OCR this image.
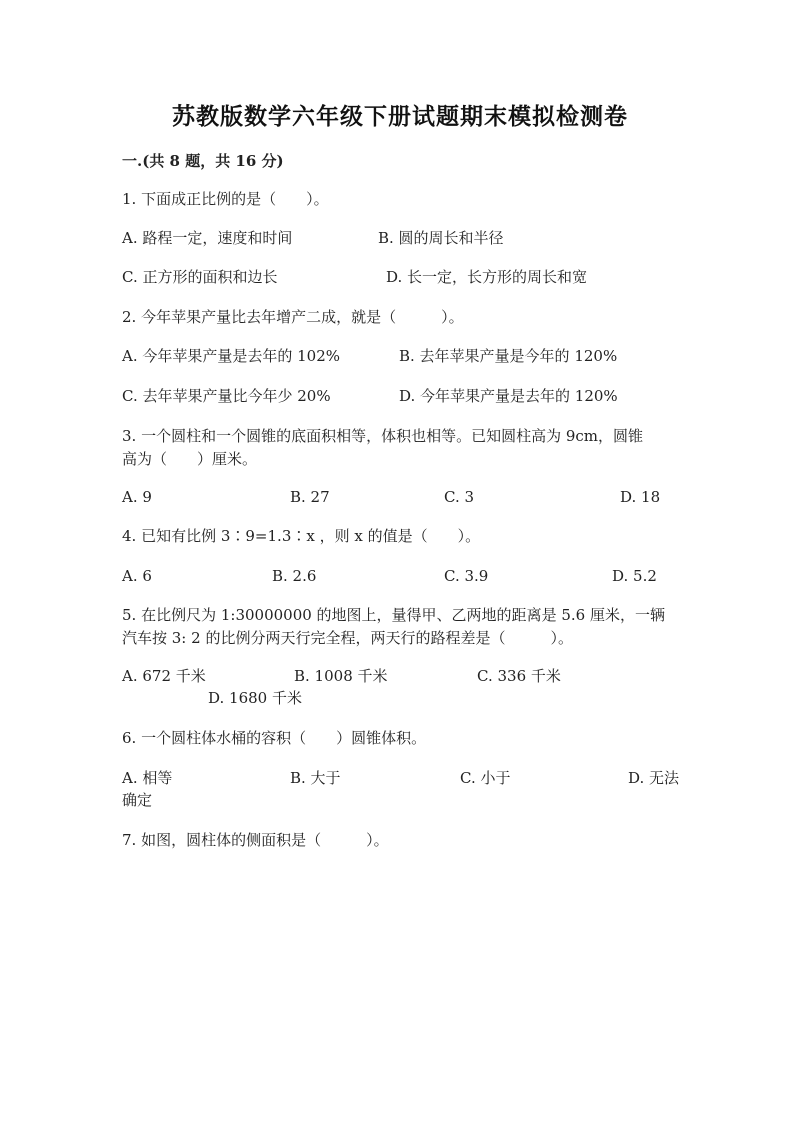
苏教版数学六年级下册试题期末模拟检测卷
一.(共 8 题，共 16 分)
1. 下面成正比例的是（　　）。
A. 路程一定，速度和时间	B. 圆的周长和半径
C. 正方形的面积和边长	D. 长一定，长方形的周长和宽
2. 今年苹果产量比去年增产二成，就是（　　　）。
A. 今年苹果产量是去年的 102%	B. 去年苹果产量是今年的 120%
C. 去年苹果产量比今年少 20%	D. 今年苹果产量是去年的 120%
3. 一个圆柱和一个圆锥的底面积相等，体积也相等。已知圆柱高为 9cm，圆锥
高为（　　）厘米。
A. 9	B. 27	C. 3	D. 18
4. 已知有比例 3∶9=1.3∶x ，则 x 的值是（　　）。
A. 6	B. 2.6	C. 3.9	D. 5.2
5. 在比例尺为 1:30000000 的地图上，量得甲、乙两地的距离是 5.6 厘米，一辆
汽车按 3: 2 的比例分两天行完全程，两天行的路程差是（　　　）。
A. 672 千米	B. 1008 千米	C. 336 千米
D. 1680 千米
6. 一个圆柱体水桶的容积（　　）圆锥体积。
A. 相等	B. 大于	C. 小于	D. 无法
确定
7. 如图，圆柱体的侧面积是（　　　）。
